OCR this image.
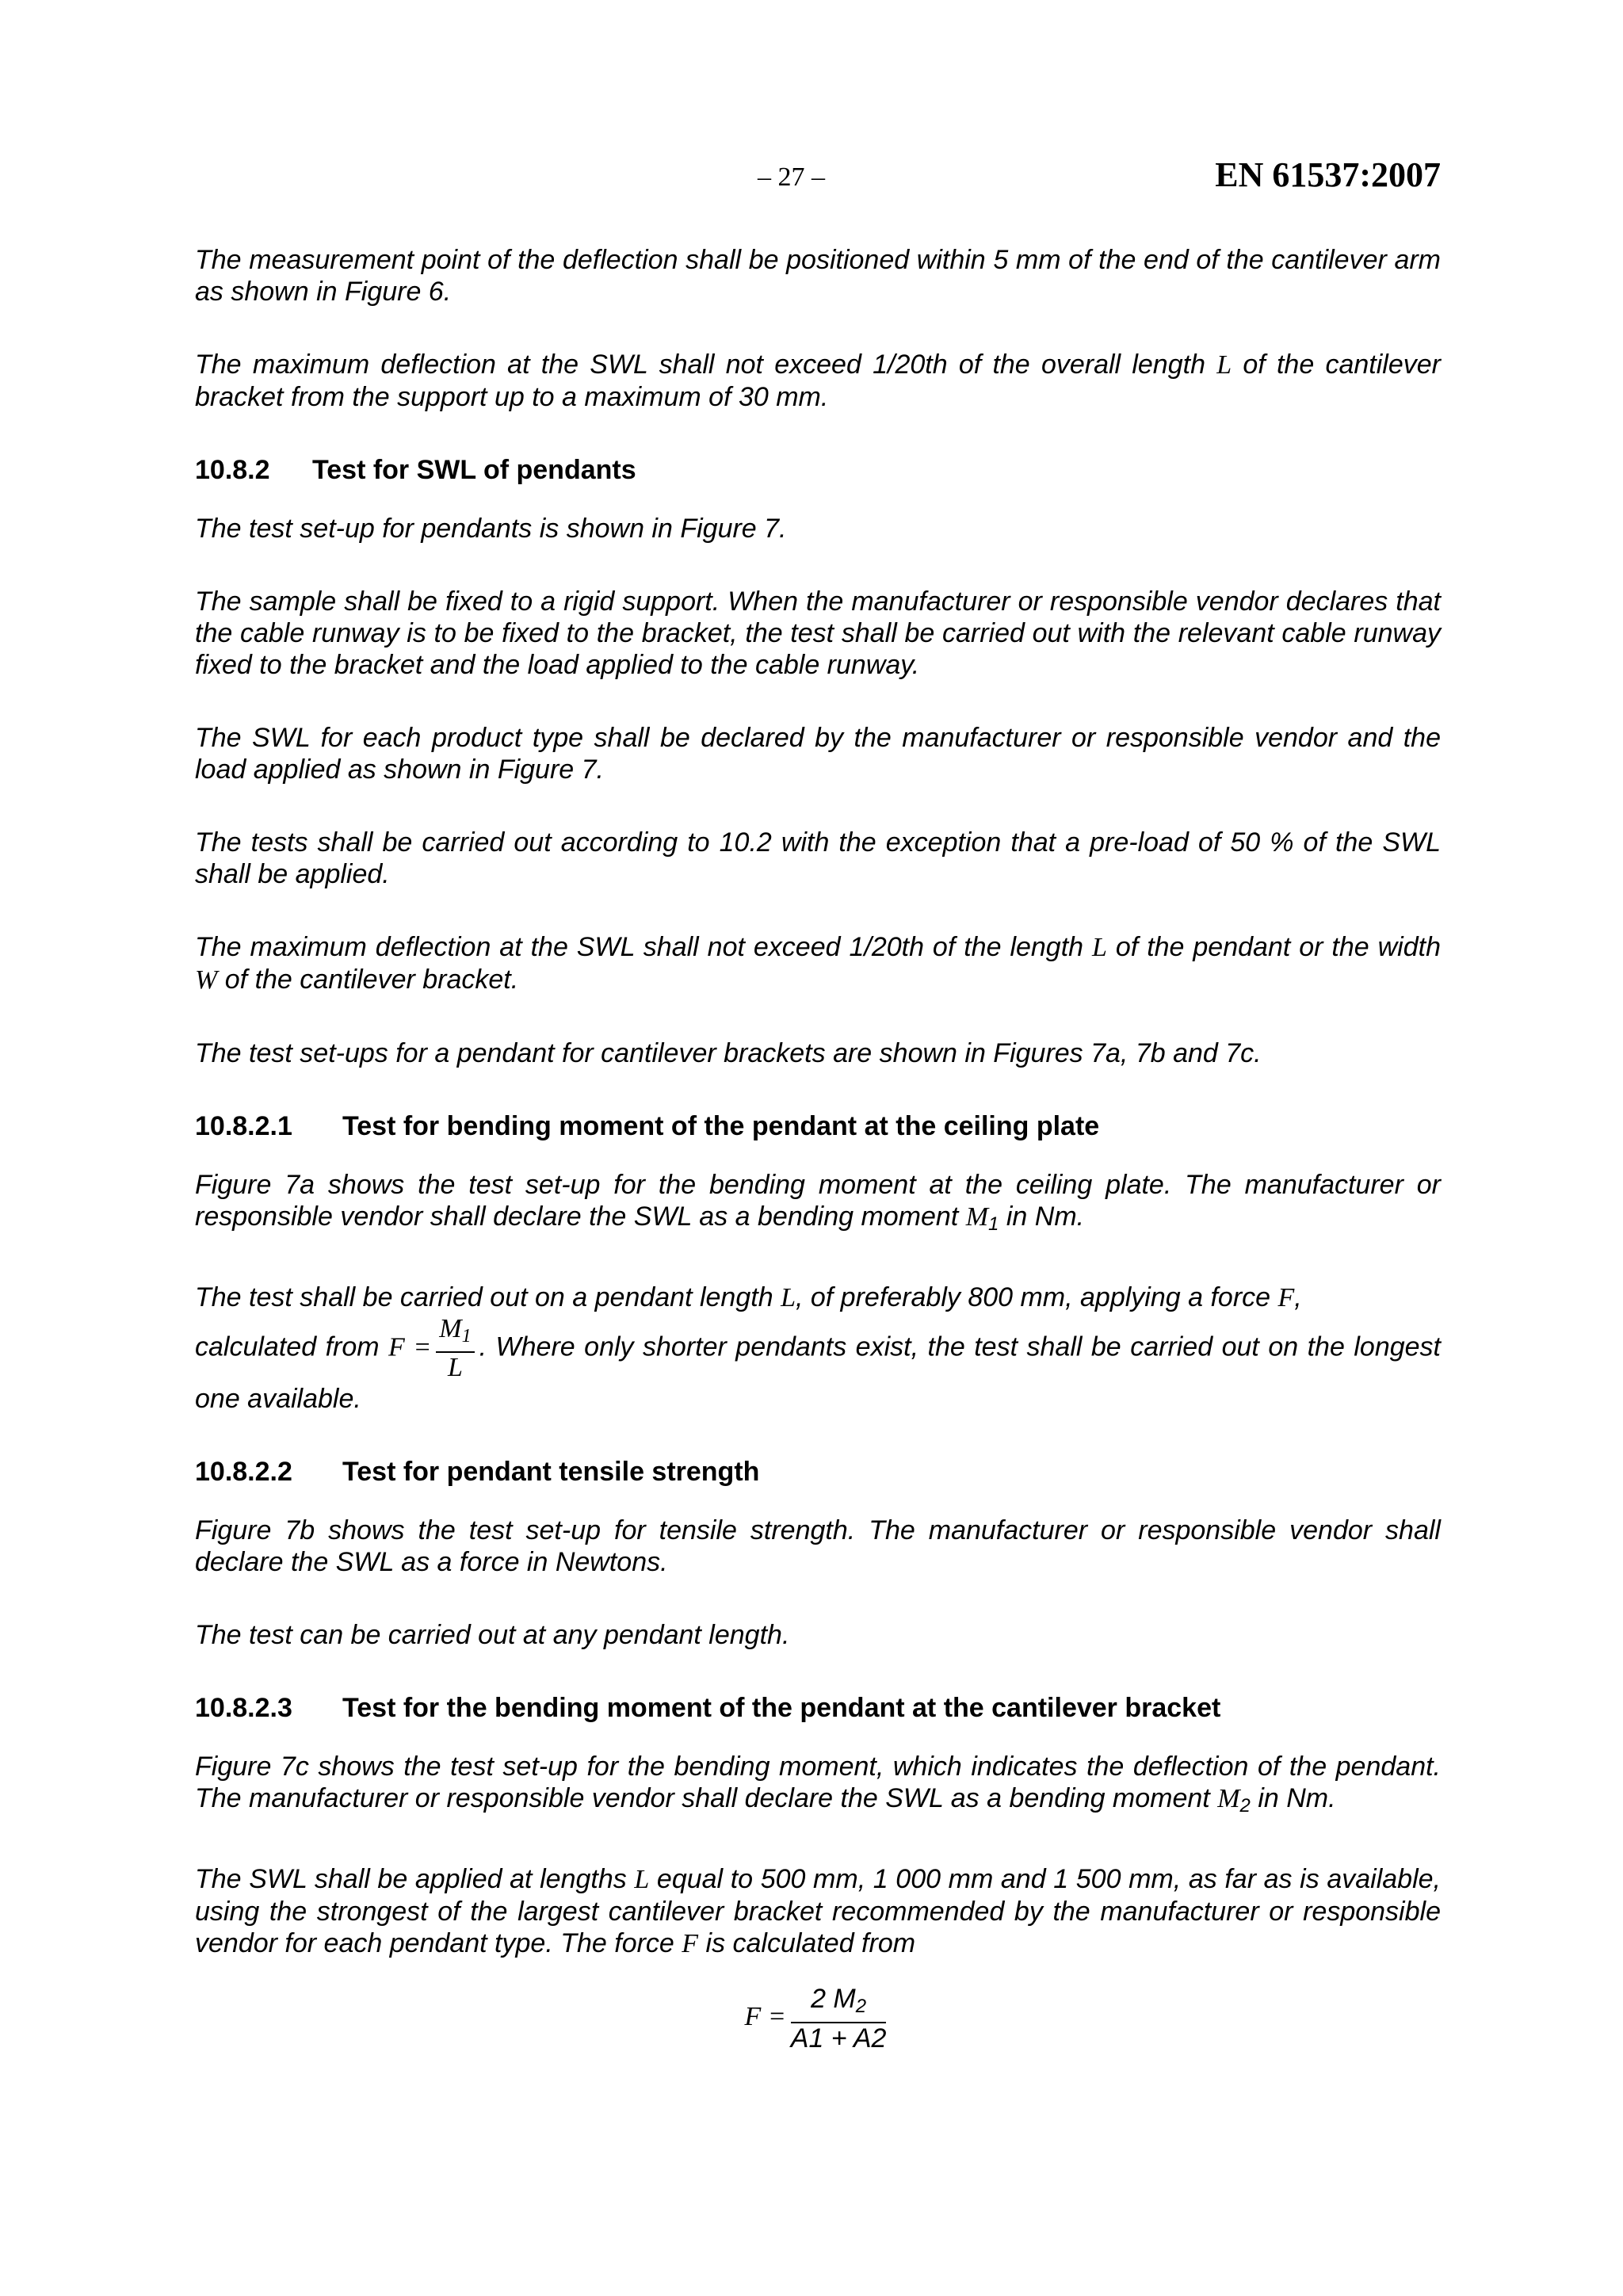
– 27 –	EN 61537:2007

The measurement point of the deflection shall be positioned within 5 mm of the end of the cantilever arm as shown in Figure 6.

The maximum deflection at the SWL shall not exceed 1/20th of the overall length L of the cantilever bracket from the support up to a maximum of 30 mm.

10.8.2 Test for SWL of pendants

The test set-up for pendants is shown in Figure 7.

The sample shall be fixed to a rigid support. When the manufacturer or responsible vendor declares that the cable runway is to be fixed to the bracket, the test shall be carried out with the relevant cable runway fixed to the bracket and the load applied to the cable runway.

The SWL for each product type shall be declared by the manufacturer or responsible vendor and the load applied as shown in Figure 7.

The tests shall be carried out according to 10.2 with the exception that a pre-load of 50 % of the SWL shall be applied.

The maximum deflection at the SWL shall not exceed 1/20th of the length L of the pendant or the width W of the cantilever bracket.

The test set-ups for a pendant for cantilever brackets are shown in Figures 7a, 7b and 7c.

10.8.2.1 Test for bending moment of the pendant at the ceiling plate

Figure 7a shows the test set-up for the bending moment at the ceiling plate. The manufacturer or responsible vendor shall declare the SWL as a bending moment $M_1$ in Nm.

The test shall be carried out on a pendant length L, of preferably 800 mm, applying a force F,
calculated from $F = \frac{M_1}{L}$ . Where only shorter pendants exist, the test shall be carried out on the longest one available.

10.8.2.2 Test for pendant tensile strength

Figure 7b shows the test set-up for tensile strength. The manufacturer or responsible vendor shall declare the SWL as a force in Newtons.

The test can be carried out at any pendant length.

10.8.2.3 Test for the bending moment of the pendant at the cantilever bracket

Figure 7c shows the test set-up for the bending moment, which indicates the deflection of the pendant. The manufacturer or responsible vendor shall declare the SWL as a bending moment $M_2$ in Nm.

The SWL shall be applied at lengths L equal to 500 mm, 1 000 mm and 1 500 mm, as far as is available, using the strongest of the largest cantilever bracket recommended by the manufacturer or responsible vendor for each pendant type. The force F is calculated from

$F = \frac{2 M_2}{A1 + A2}$
